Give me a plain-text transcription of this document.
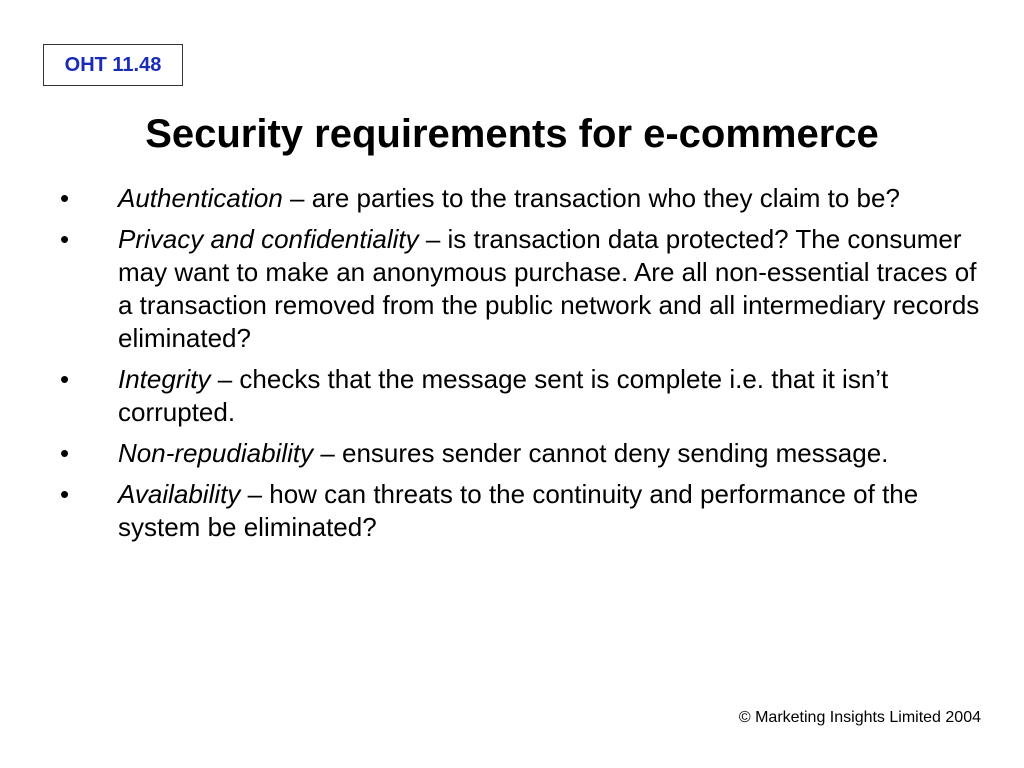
OHT 11.48
Security requirements for e-commerce
• Authentication – are parties to the transaction who they claim to be?
• Privacy and confidentiality – is transaction data protected? The consumer may want to make an anonymous purchase. Are all non-essential traces of a transaction removed from the public network and all intermediary records eliminated?
• Integrity – checks that the message sent is complete i.e. that it isn’t corrupted.
• Non-repudiability – ensures sender cannot deny sending message.
• Availability – how can threats to the continuity and performance of the system be eliminated?
© Marketing Insights Limited 2004
